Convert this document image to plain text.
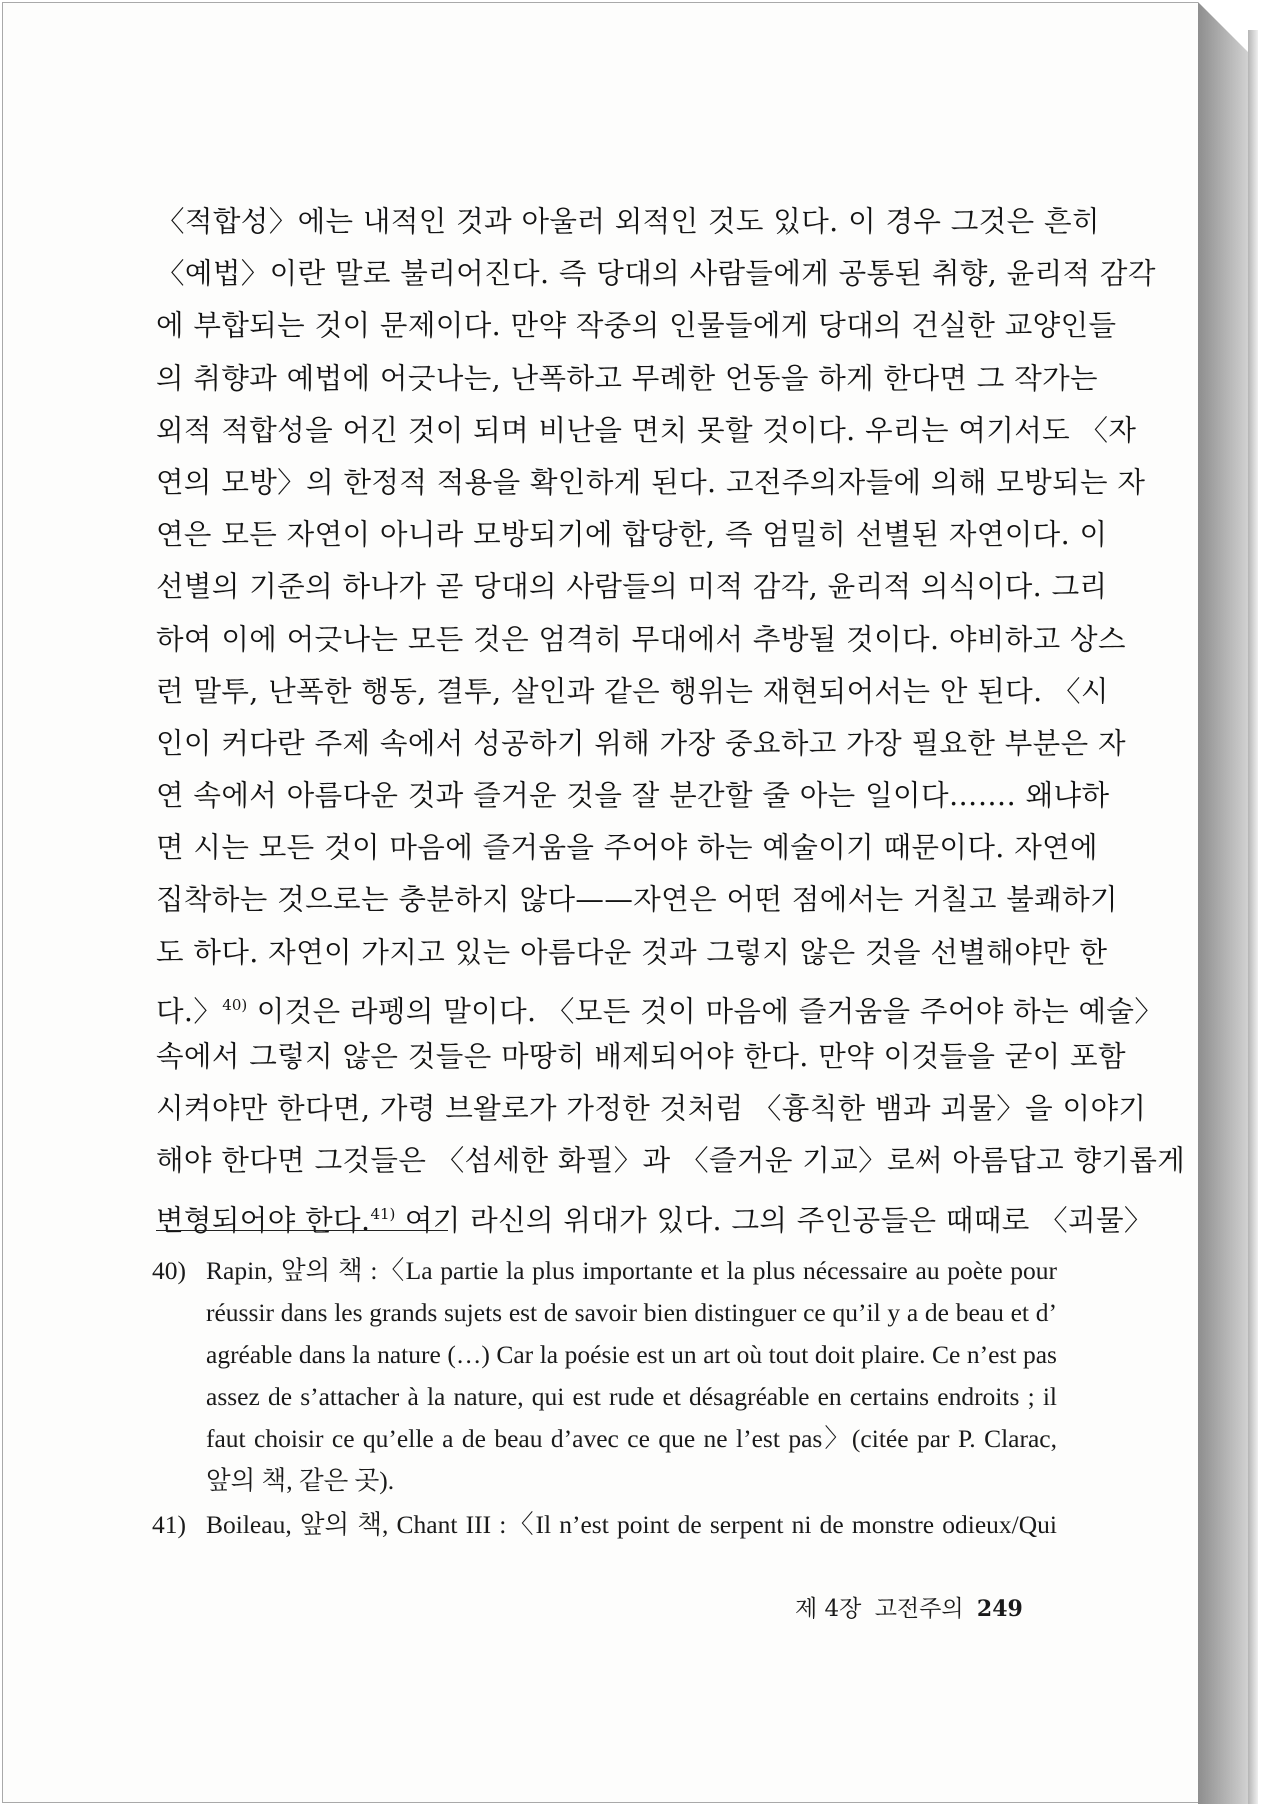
〈적합성〉에는 내적인 것과 아울러 외적인 것도 있다. 이 경우 그것은 흔히
〈예법〉이란 말로 불리어진다. 즉 당대의 사람들에게 공통된 취향, 윤리적 감각
에 부합되는 것이 문제이다. 만약 작중의 인물들에게 당대의 건실한 교양인들
의 취향과 예법에 어긋나는, 난폭하고 무례한 언동을 하게 한다면 그 작가는
외적 적합성을 어긴 것이 되며 비난을 면치 못할 것이다. 우리는 여기서도 〈자
연의 모방〉의 한정적 적용을 확인하게 된다. 고전주의자들에 의해 모방되는 자
연은 모든 자연이 아니라 모방되기에 합당한, 즉 엄밀히 선별된 자연이다. 이
선별의 기준의 하나가 곧 당대의 사람들의 미적 감각, 윤리적 의식이다. 그리
하여 이에 어긋나는 모든 것은 엄격히 무대에서 추방될 것이다. 야비하고 상스
런 말투, 난폭한 행동, 결투, 살인과 같은 행위는 재현되어서는 안 된다. 〈시
인이 커다란 주제 속에서 성공하기 위해 가장 중요하고 가장 필요한 부분은 자
연 속에서 아름다운 것과 즐거운 것을 잘 분간할 줄 아는 일이다……. 왜냐하
면 시는 모든 것이 마음에 즐거움을 주어야 하는 예술이기 때문이다. 자연에
집착하는 것으로는 충분하지 않다——자연은 어떤 점에서는 거칠고 불쾌하기
도 하다. 자연이 가지고 있는 아름다운 것과 그렇지 않은 것을 선별해야만 한
다.〉$^{40)}$ 이것은 라펭의 말이다. 〈모든 것이 마음에 즐거움을 주어야 하는 예술〉
속에서 그렇지 않은 것들은 마땅히 배제되어야 한다. 만약 이것들을 굳이 포함
시켜야만 한다면, 가령 브왈로가 가정한 것처럼 〈흉칙한 뱀과 괴물〉을 이야기
해야 한다면 그것들은 〈섬세한 화필〉과 〈즐거운 기교〉로써 아름답고 향기롭게
변형되어야 한다.$^{41)}$ 여기 라신의 위대가 있다. 그의 주인공들은 때때로 〈괴물〉
40) Rapin, 앞의 책 :〈La partie la plus importante et la plus nécessaire au poète pour
réussir dans les grands sujets est de savoir bien distinguer ce qu’il y a de beau et d’
agréable dans la nature (…) Car la poésie est un art où tout doit plaire. Ce n’est pas
assez de s’attacher à la nature, qui est rude et désagréable en certains endroits ; il
faut choisir ce qu’elle a de beau d’avec ce que ne l’est pas〉(citée par P. Clarac,
앞의 책, 같은 곳).
41) Boileau, 앞의 책, Chant III :〈Il n’est point de serpent ni de monstre odieux/Qui
제 4장 고전주의 249
